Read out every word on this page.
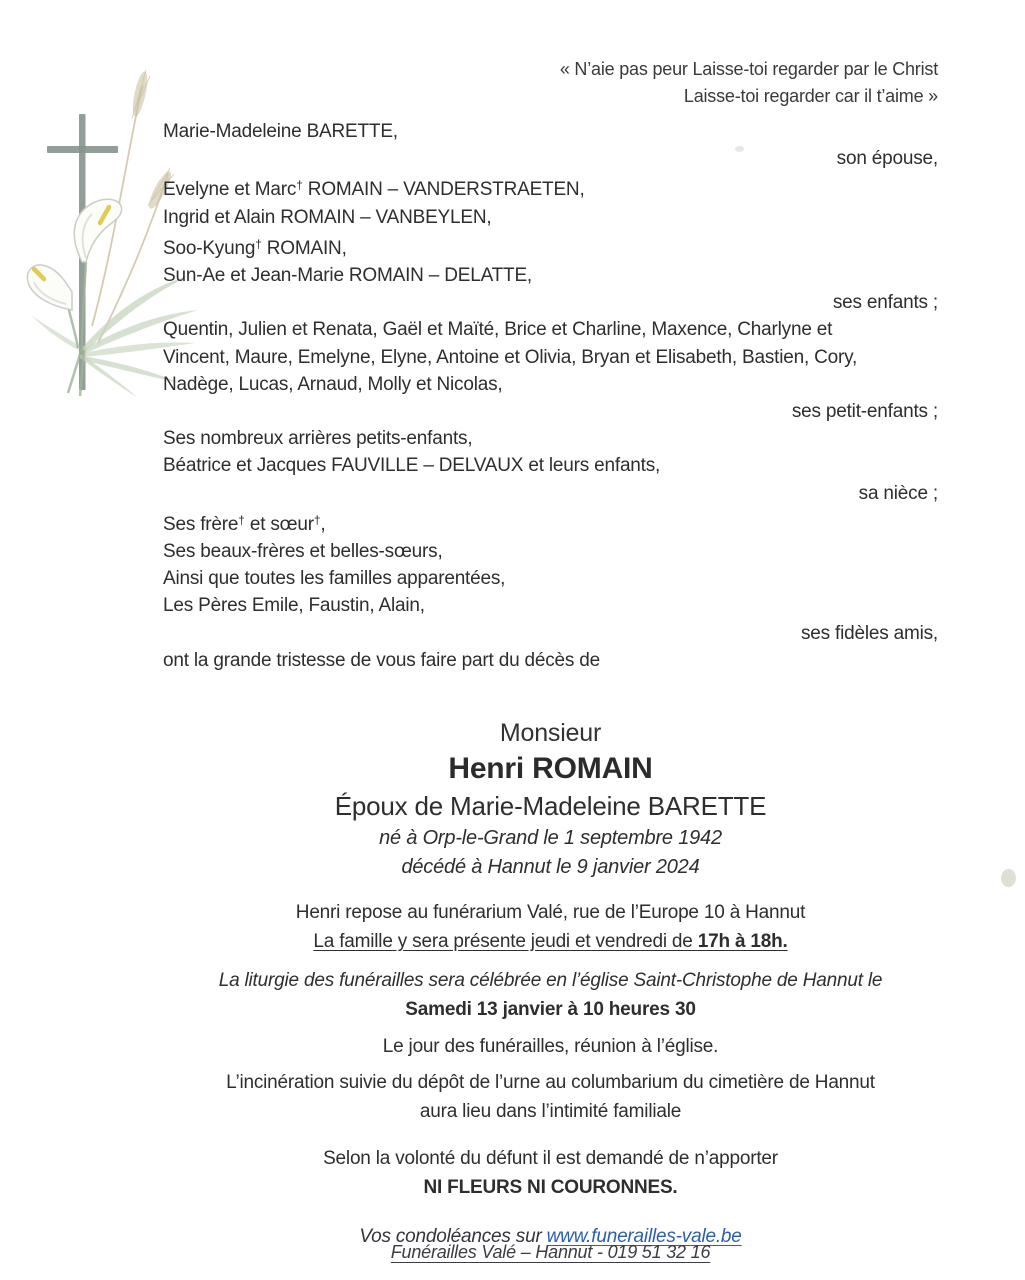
« N’aie pas peur Laisse-toi regarder par le Christ
Laisse-toi regarder car il t’aime »
Marie-Madeleine BARETTE,
son épouse,
Evelyne et Marc† ROMAIN – VANDERSTRAETEN,
Ingrid et Alain ROMAIN – VANBEYLEN,
Soo-Kyung† ROMAIN,
Sun-Ae et Jean-Marie ROMAIN – DELATTE,
ses enfants ;
Quentin, Julien et Renata, Gaël et Maïté, Brice et Charline, Maxence, Charlyne et
Vincent, Maure, Emelyne, Elyne, Antoine et Olivia, Bryan et Elisabeth, Bastien, Cory,
Nadège, Lucas, Arnaud, Molly et Nicolas,
ses petit-enfants ;
Ses nombreux arrières petits-enfants,
Béatrice et Jacques FAUVILLE – DELVAUX et leurs enfants,
sa nièce ;
Ses frère† et sœur†,
Ses beaux-frères et belles-sœurs,
Ainsi que toutes les familles apparentées,
Les Pères Emile, Faustin, Alain,
ses fidèles amis,
ont la grande tristesse de vous faire part du décès de
Monsieur
Henri ROMAIN
Époux de Marie-Madeleine BARETTE
né à Orp-le-Grand le 1 septembre 1942
décédé à Hannut le 9 janvier 2024
Henri repose au funérarium Valé, rue de l’Europe 10 à Hannut
La famille y sera présente jeudi et vendredi de 17h à 18h.
La liturgie des funérailles sera célébrée en l’église Saint-Christophe de Hannut le
Samedi 13 janvier à 10 heures 30
Le jour des funérailles, réunion à l’église.
L’incinération suivie du dépôt de l’urne au columbarium du cimetière de Hannut
aura lieu dans l’intimité familiale
Selon la volonté du défunt il est demandé de n’apporter
NI FLEURS NI COURONNES.
Vos condoléances sur www.funerailles-vale.be
Funérailles Valé – Hannut - 019 51 32 16
